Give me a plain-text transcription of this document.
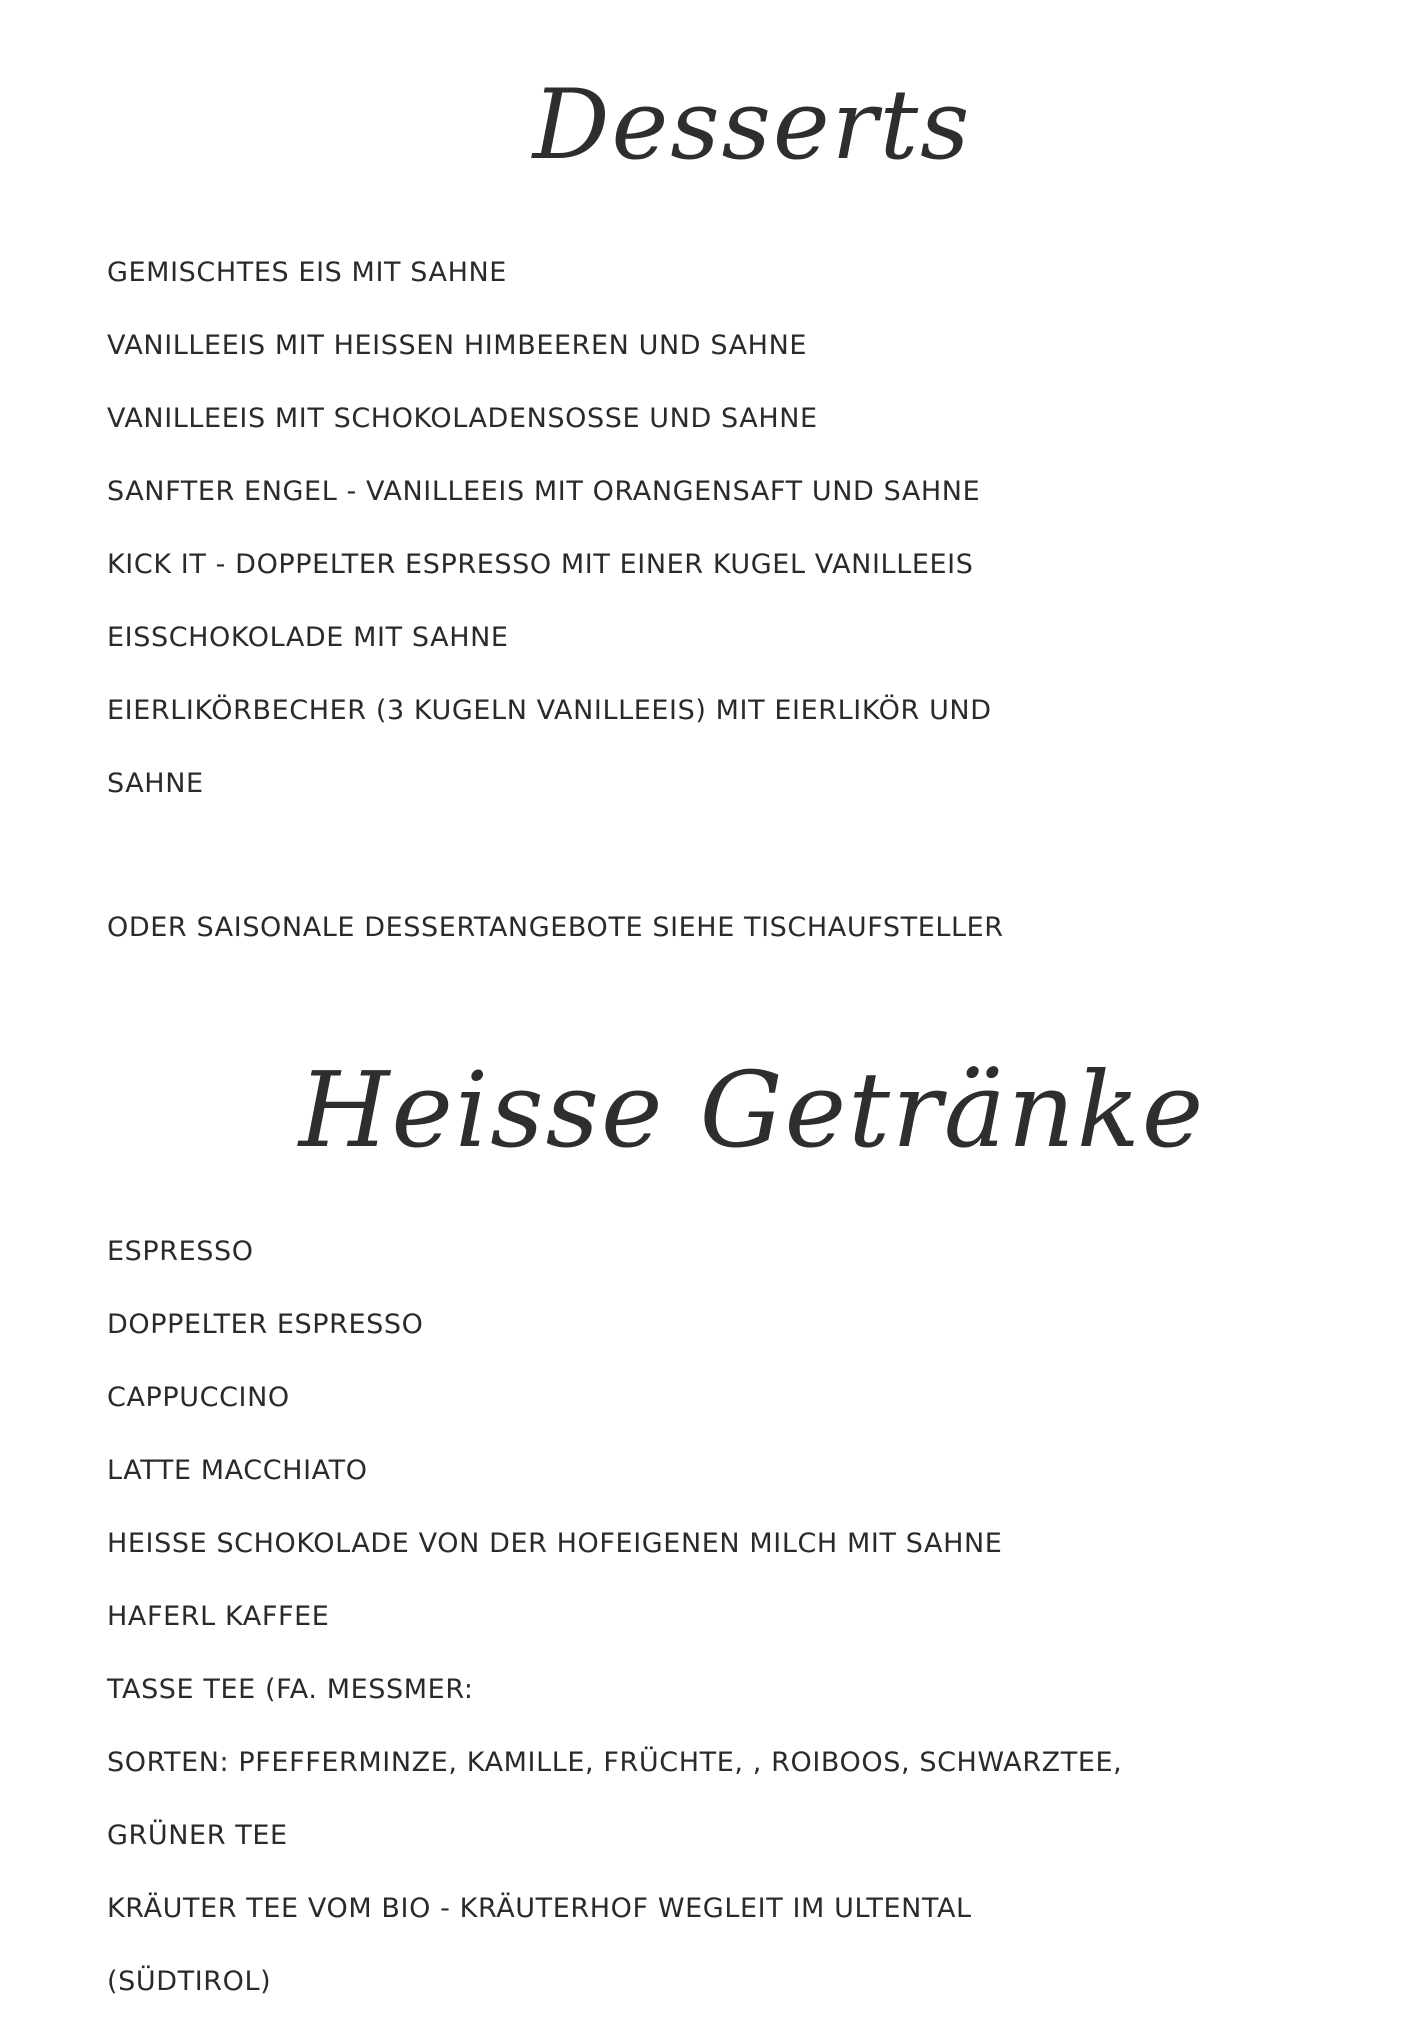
Desserts
GEMISCHTES EIS MIT SAHNE
VANILLEEIS MIT HEISSEN HIMBEEREN UND SAHNE
VANILLEEIS MIT SCHOKOLADENSOSSE UND SAHNE
SANFTER ENGEL - VANILLEEIS MIT ORANGENSAFT UND SAHNE
KICK IT - DOPPELTER ESPRESSO MIT EINER KUGEL VANILLEEIS
EISSCHOKOLADE MIT SAHNE
EIERLIKÖRBECHER (3 KUGELN VANILLEEIS) MIT EIERLIKÖR UND
SAHNE

ODER SAISONALE DESSERTANGEBOTE SIEHE TISCHAUFSTELLER

Heisse Getränke
ESPRESSO
DOPPELTER ESPRESSO
CAPPUCCINO
LATTE MACCHIATO
HEISSE SCHOKOLADE VON DER HOFEIGENEN MILCH MIT SAHNE
HAFERL KAFFEE
TASSE TEE (FA. MESSMER:
SORTEN: PFEFFERMINZE, KAMILLE, FRÜCHTE, , ROIBOOS, SCHWARZTEE,
GRÜNER TEE
KRÄUTER TEE VOM BIO - KRÄUTERHOF WEGLEIT IM ULTENTAL
(SÜDTIROL)
